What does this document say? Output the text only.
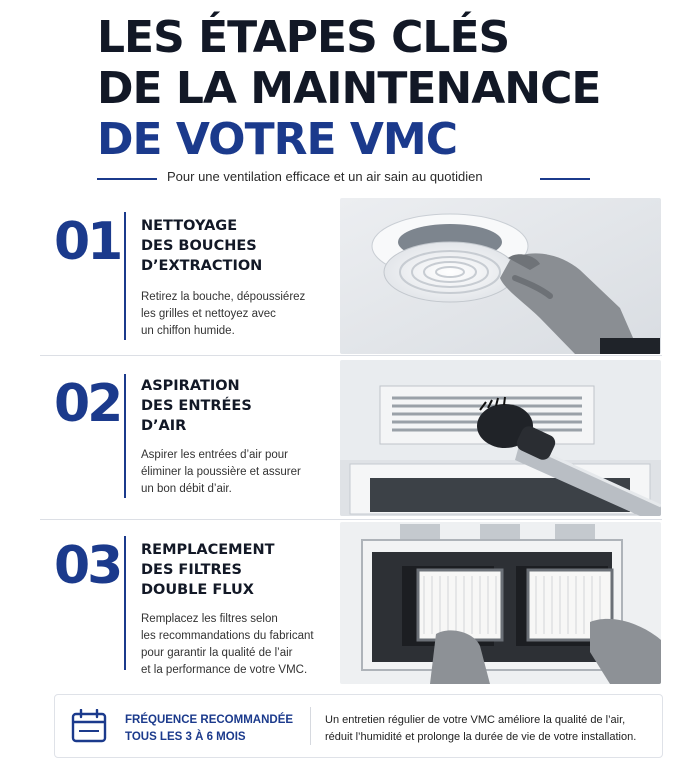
LES ÉTAPES CLÉS
DE LA MAINTENANCE
DE VOTRE VMC
Pour une ventilation efficace et un air sain au quotidien
01 NETTOYAGE
DES BOUCHES
D’EXTRACTION
Retirez la bouche, dépoussiérez
les grilles et nettoyez avec
un chiffon humide.
02 ASPIRATION
DES ENTRÉES
D’AIR
Aspirer les entrées d’air pour
éliminer la poussière et assurer
un bon débit d’air.
03 REMPLACEMENT
DES FILTRES
DOUBLE FLUX
Remplacez les filtres selon
les recommandations du fabricant
pour garantir la qualité de l’air
et la performance de votre VMC.
FRÉQUENCE RECOMMANDÉE
TOUS LES 3 À 6 MOIS
Un entretien régulier de votre VMC améliore la qualité de l’air,
réduit l’humidité et prolonge la durée de vie de votre installation.
